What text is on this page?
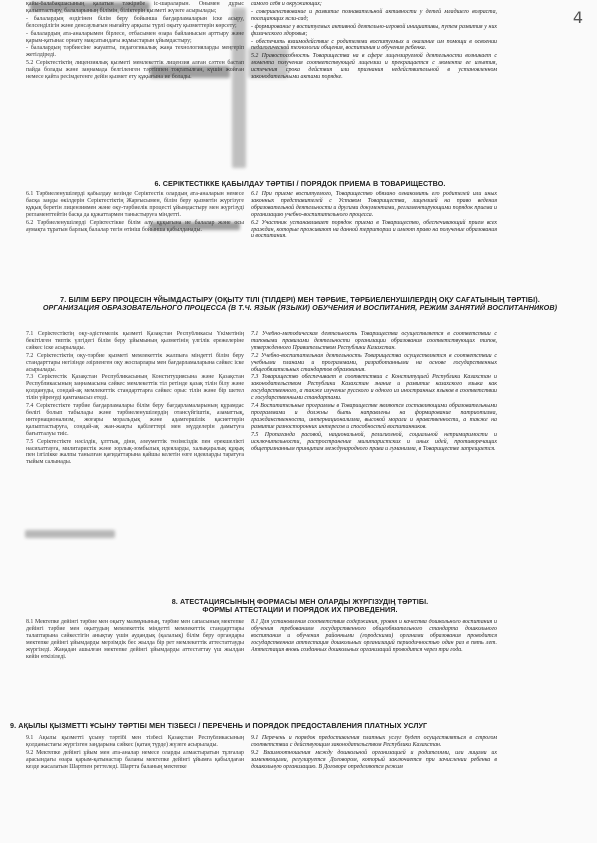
4

қайы-балабақшасының қалатын тәжірибе іс-шараларын. Онымен дұрыс қалыптастыру, балаларының білімін, біліктерін қызметі жүзеге асырылады;

- балалардың өздігінен білім беру бойынша бағдарламаларын іске асыру, белсенділігін және денсаулығын нығайту арқылы түрлі оқыту қызметтерін көрсету;

- балалардың ата-аналарымен бірлесе, отбасымен өзара байланысын арттыру және қарым-қатынас орнату мақсатындағы жұмыстарын ұйымдастыру;

- балалардың тәрбиесіне жауапты, педагогикалық жаңа технологияларды меңгеріп жетілдіреді.

5.2 Серіктестіктің лицензиялық қызметі мемлекеттік лицензия алған сәттен бастап пайда болады және заңнамада белгіленген тәртіппен тоқтатылған, күшін жойған немесе қайта ресімдегенге дейін қызмет ету құқығына ие болады.

самого себя и окружающих;

- совершенствование и развитие познавательной активности у детей младшего возраста, посещающих ясли-сад;

- формирование у воспитуемых активной деятельно-игровой инициативы, путем развития у них физического здоровья;

- обеспечить взаимодействие с родителями воспитуемых и оказание им помощи в освоении педагогической технологии общения, воспитания и обучения ребенка.

5.2 Правоспособность Товарищества на в сфере лицензируемой деятельности возникает с момента получения соответствующей лицензии и прекращается с момента ее изъятия, истечения срока действия или признания недействительной в установленном законодательными актами порядке.

6. СЕРІКТЕСТІККЕ ҚАБЫЛДАУ ТӘРТІБІ / ПОРЯДОК ПРИЕМА В ТОВАРИЩЕСТВО.

6.1 Тәрбиеленушілерді қабылдау кезінде Серіктестік олардың ата-аналарын немесе басқа заңды өкілдерін Серіктестіктің Жарғысымен, білім беру қызметін жүргізуге құқық беретін лицензиямен және оқу-тәрбиелік процесті ұйымдастыру мен жүргізуді регламенттейтін басқа да құжаттармен таныстыруға міндетті.

6.2 Тәрбиеленушілерді Серіктестікке білім алу құқығына ие балалар және осы аумақта тұратын барлық балалар тегін өтініш бойынша қабылданады.

6.1 При приеме воспитуемого, Товарищество обязано ознакомить его родителей или иных законных представителей с Уставом Товарищества, лицензией на право ведения образовательной деятельности и другими документами, регламентирующими порядок приема и организацию учебно-воспитательного процесса.

6.2 Участник устанавливает порядок приема в Товарищество, обеспечивающий прием всех граждан, которые проживают на данной территории и имеют право на получение образования и воспитания.

7. БІЛІМ БЕРУ ПРОЦЕСІН ҰЙЫМДАСТЫРУ (ОҚЫТУ ТІЛІ (ТІЛДЕРІ) МЕН ТӘРБИЕ, ТӘРБИЕЛЕНУШІЛЕРДІҢ ОҚУ САҒАТЫНЫҢ ТӘРТІБІ).
ОРГАНИЗАЦИЯ ОБРАЗОВАТЕЛЬНОГО ПРОЦЕССА (В Т.Ч. ЯЗЫК (ЯЗЫКИ) ОБУЧЕНИЯ И ВОСПИТАНИЯ, РЕЖИМ ЗАНЯТИЙ ВОСПИТАННИКОВ)

7.1 Серіктестіктің оқу-әдістемелік қызметі Қазақстан Республикасы Үкіметінің бекітілген типтік үлгідегі білім беру ұйымының қызметінің үлгілік ережелеріне сәйкес іске асырылады.

7.2 Серіктестіктің оқу-тәрбие қызметі мемлекеттік жалпыға міндетті білім беру стандарттары негізінде әзірленген оқу жоспарлары мен бағдарламаларына сәйкес іске асырылады.

7.3 Серіктестік Қазақстан Республикасының Конституциясына және Қазақстан Республикасының заңнамасына сәйкес мемлекеттік тіл ретінде қазақ тілін білу және қолдануды, сондай-ақ мемлекеттік стандарттарға сәйкес орыс тілін және бір шетел тілін үйренуді қамтамасыз етеді.

7.4 Серіктестікте тәрбие бағдарламалары білім беру бағдарламаларының құрамдас бөлігі болып табылады және тәрбиеленушілердің отансүйгіштік, азаматтық, интернационализм, жоғары моральдық және адамгершілік қасиеттерін қалыптастыруға, сондай-ақ жан-жақты қабілеттері мен мүдделерін дамытуға бағытталуы тиіс.

7.5 Серіктестікте нәсілдік, ұлттық, діни, әлеуметтік төзімсіздік пен ерекшелікті насихаттауға, милитаристік және зорлық-зомбылық идеяларды, халықаралық құқық пен ізгілікке жалпы танылған қағидаттарына қайшы келетін өзге идеяларды таратуға тыйым салынады.

7.1 Учебно-методическая деятельность Товарищества осуществляется в соответствии с типовыми правилами деятельности организации образования соответствующих типов, утвержденного Правительством Республики Казахстан.

7.2 Учебно-воспитательная деятельность Товарищества осуществляется в соответствии с учебными планами и программами, разработанными на основе государственных общеобязательных стандартов образования.

7.3 Товарищество обеспечивает в соответствии с Конституцией Республики Казахстан и законодательством Республики Казахстан знание и развитие казахского языка как государственного, а также изучение русского и одного из иностранных языков в соответствии с государственными стандартами.

7.4 Воспитательные программы в Товариществе являются составляющими образовательными программами и должны быть направлены на формирование патриотизма, гражданственности, интернационализма, высокой морали и нравственности, а также на развитие разносторонних интересов и способностей воспитанников.

7.5 Пропаганда расовой, национальной, религиозной, социальной непримиримости и исключительности, распространение милитаристских и иных идей, противоречащих общепризнанным принципам международного права и гуманизма, в Товариществе запрещается.

8. АТЕСТАЦИЯСЫНЫҢ ФОРМАСЫ МЕН ОЛАРДЫ ЖҮРГІЗУДІҢ ТӘРТІБІ.
ФОРМЫ АТТЕСТАЦИИ И ПОРЯДОК ИХ ПРОВЕДЕНИЯ.

8.1 Мектепке дейінгі тәрбие мен оқыту мазмұнының, тәрбие мен сапасының мектепке дейінгі тәрбие мен оқытудың мемлекеттік міндетті мемлекеттік стандарттары талаптарына сәйкестігін анықтау үшін аудандық (қалалық) білім беру органдары мектепке дейінгі ұйымдарды мерзімдік бес жылда бір рет мемлекеттік аттестаттауды жүргізеді. Жаңадан ашылған мектепке дейінгі ұйымдарды аттестаттау үш жылдан кейін өткізіледі.

8.1 Для установления соответствия содержания, уровня и качества дошкольного воспитания и обучения требованиям государственного общеобязательного стандарта дошкольного воспитания и обучения районными (городскими) органами образования проводится государственная аттестация дошкольных организаций периодичностью один раз в пять лет. Аттестация вновь созданных дошкольных организаций проводится через три года.

9. АҚЫЛЫ ҚЫЗМЕТТІ ҰСЫНУ ТӘРТІБІ МЕН ТІЗБЕСІ / ПЕРЕЧЕНЬ И ПОРЯДОК ПРЕДОСТАВЛЕНИЯ ПЛАТНЫХ УСЛУГ

9.1 Ақылы қызметті ұсыну тәртібі мен тізбесі Қазақстан Республикасының қолданыстағы жүргізген заңдарына сәйкес (қатаң түрде) жүзеге асырылады.

9.2 Мектепке дейінгі ұйым мен ата-аналар немесе оларды алмастыратын тұлғалар арасындағы өзара қарым-қатынастар баланы мектепке дейінгі ұйымға қабылдаған кезде жасалатын Шартпен реттеледі. Шартта баланың мектепке

9.1 Перечень и порядок предоставления платных услуг будет осуществляться в строгом соответствии с действующим законодательством Республики Казахстан.

9.2 Взаимоотношения между дошкольной организацией и родителями, или лицами их заменяющими, регулируется Договором, который заключается при зачислении ребенка в дошкольную организацию. В Договоре определяются режим
